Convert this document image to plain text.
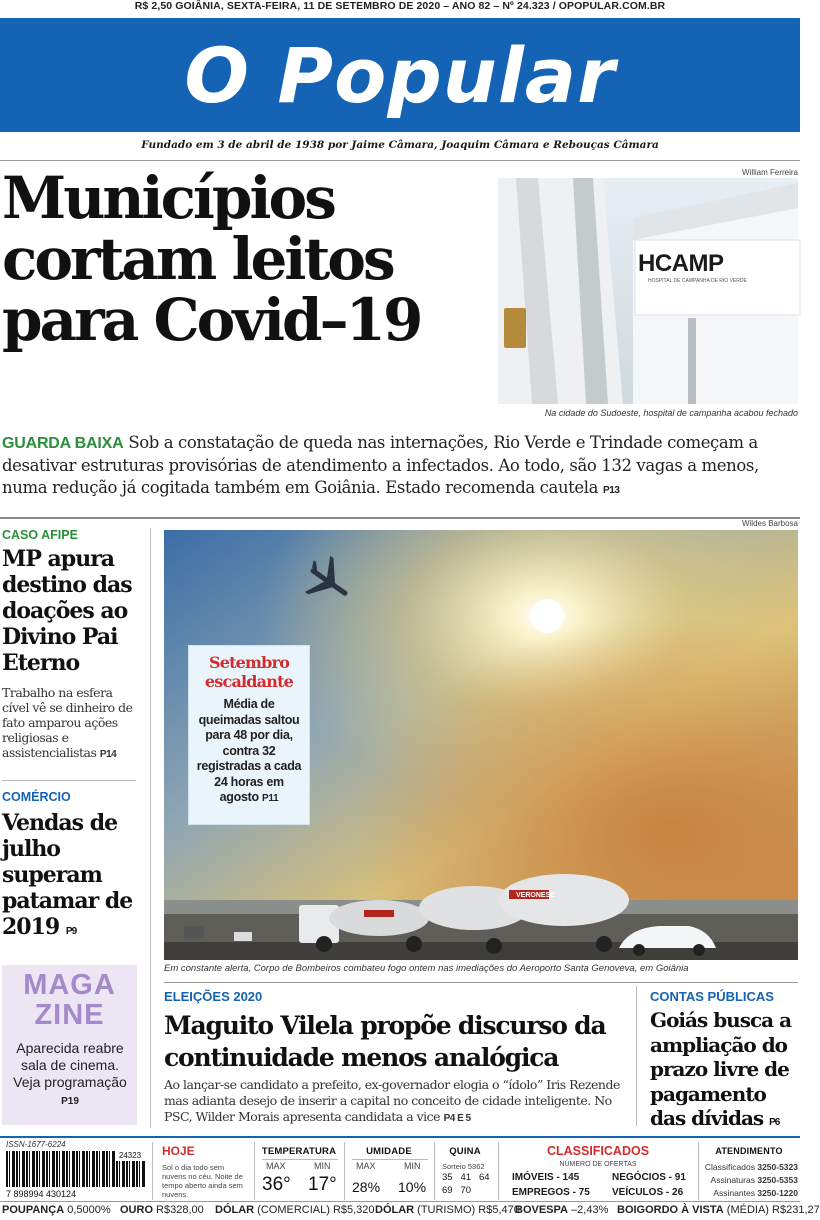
R$ 2,50 GOIÂNIA, SEXTA-FEIRA, 11 DE SETEMBRO DE 2020 – ANO 82 – Nº 24.323 / OPOPULAR.COM.BR
O Popular
Fundado em 3 de abril de 1938 por Jaime Câmara, Joaquim Câmara e Rebouças Câmara
Municípios
cortam leitos
para Covid–19
William Ferreira
HCAMP
HOSPITAL DE CAMPANHA DE RIO VERDE
Na cidade do Sudoeste, hospital de campanha acabou fechado
GUARDA BAIXA Sob a constatação de queda nas internações, Rio Verde e Trindade começam a desativar estruturas provisórias de atendimento a infectados. Ao todo, são 132 vagas a menos, numa redução já cogitada também em Goiânia. Estado recomenda cautela P13
CASO AFIPE
MP apura destino das doações ao Divino Pai Eterno
Trabalho na esfera cível vê se dinheiro de fato amparou ações religiosas e assistencialistas P14
COMÉRCIO
Vendas de julho superam patamar de 2019 P9
Wildes Barbosa
VERONESE
Setembro escaldante
Média de queimadas saltou para 48 por dia, contra 32 registradas a cada 24 horas em agosto P11
Em constante alerta, Corpo de Bombeiros combateu fogo ontem nas imediações do Aeroporto Santa Genoveva, em Goiânia
MAGA
ZINE
Aparecida reabre sala de cinema. Veja programação P19
ELEIÇÕES 2020
Maguito Vilela propõe discurso da continuidade menos analógica
Ao lançar-se candidato a prefeito, ex-governador elogia o “ídolo” Iris Rezende mas adianta desejo de inserir a capital no conceito de cidade inteligente. No PSC, Wilder Morais apresenta candidata a vice P4 E 5
CONTAS PÚBLICAS
Goiás busca a ampliação do prazo livre de pagamento das dívidas P6
ISSN-1677-6224
24323
7 898994 430124
HOJE
Sol o dia todo sem nuvens no céu. Noite de tempo aberto ainda sem nuvens.
TEMPERATURA
MAX	MIN
36° 17°
UMIDADE
MAX	MIN
28% 10%
QUINA
Sorteio 5362
35   41   64
69   70
CLASSIFICADOS
NÚMERO DE OFERTAS
IMÓVEIS - 145	NEGÓCIOS - 91
EMPREGOS - 75 VEÍCULOS - 26
ATENDIMENTO
Classificados 3250-5323
Assinaturas 3250-5353
Assinantes 3250-1220
POUPANÇA 0,5000% OURO R$328,00 DÓLAR (COMERCIAL) R$5,320 DÓLAR (TURISMO) R$5,470
BOVESPA –2,43% BOIGORDO À VISTA (MÉDIA) R$231,27
